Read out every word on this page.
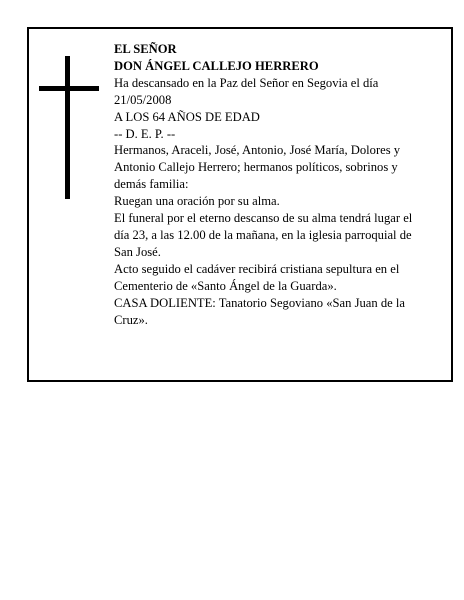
EL SEÑOR

DON ÁNGEL CALLEJO HERRERO

Ha descansado en la Paz del Señor en Segovia el día 21/05/2008

A LOS 64 AÑOS DE EDAD

-- D. E. P. --

Hermanos, Araceli, José, Antonio, José María, Dolores y Antonio Callejo Herrero; hermanos políticos, sobrinos y demás familia:

Ruegan una oración por su alma.

El funeral por el eterno descanso de su alma tendrá lugar el día 23, a las 12.00 de la mañana, en la iglesia parroquial de San José.

Acto seguido el cadáver recibirá cristiana sepultura en el Cementerio de «Santo Ángel de la Guarda».

CASA DOLIENTE: Tanatorio Segoviano «San Juan de la Cruz».
